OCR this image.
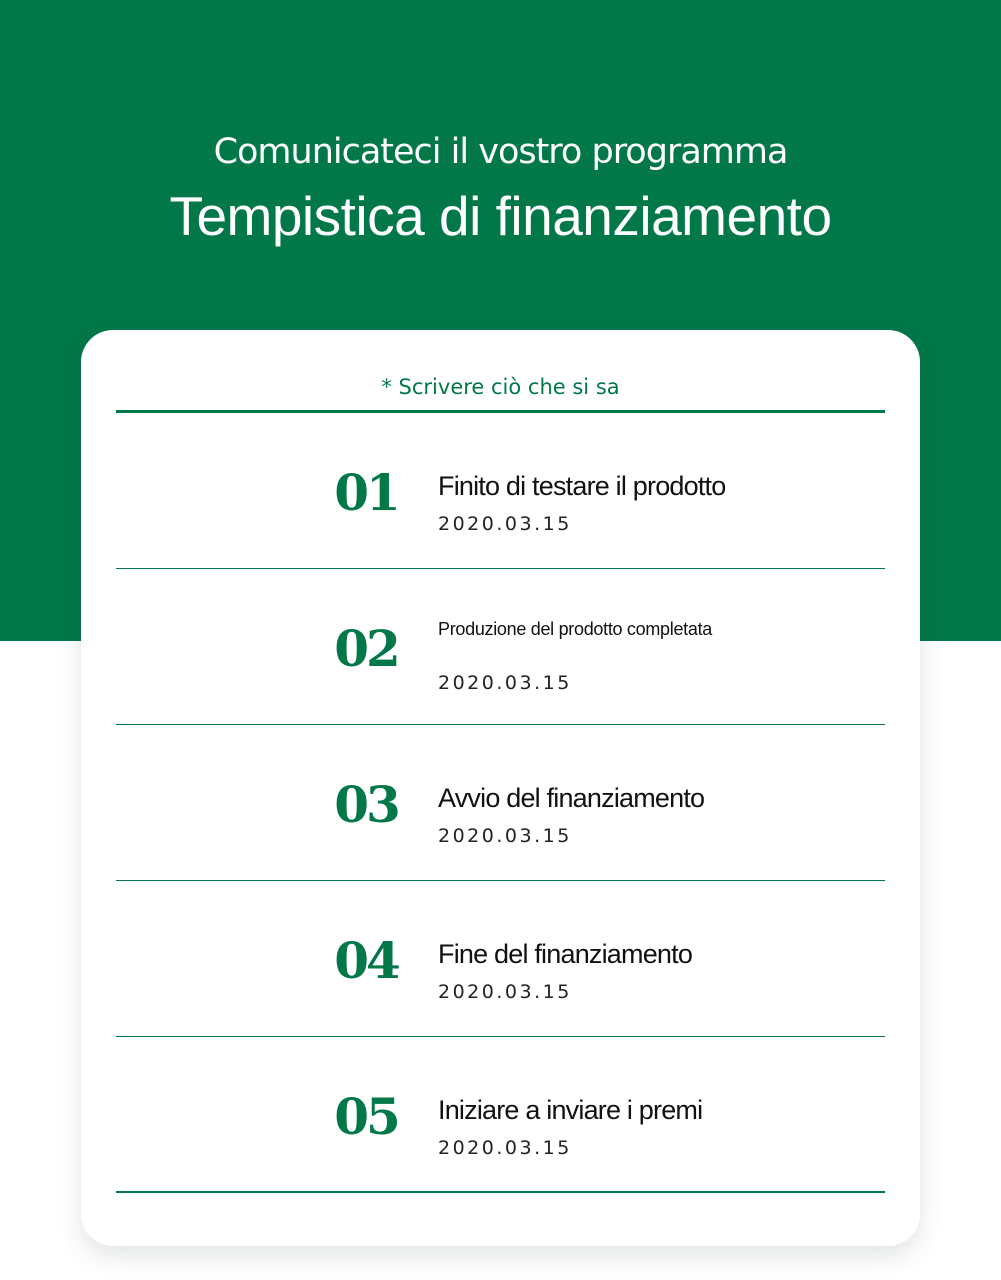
Comunicateci il vostro programma
Tempistica di finanziamento
* Scrivere ciò che si sa
01	Finito di testare il prodotto
2020.03.15
02	Produzione del prodotto completata
2020.03.15
03	Avvio del finanziamento
2020.03.15
04	Fine del finanziamento
2020.03.15
05	Iniziare a inviare i premi
2020.03.15
